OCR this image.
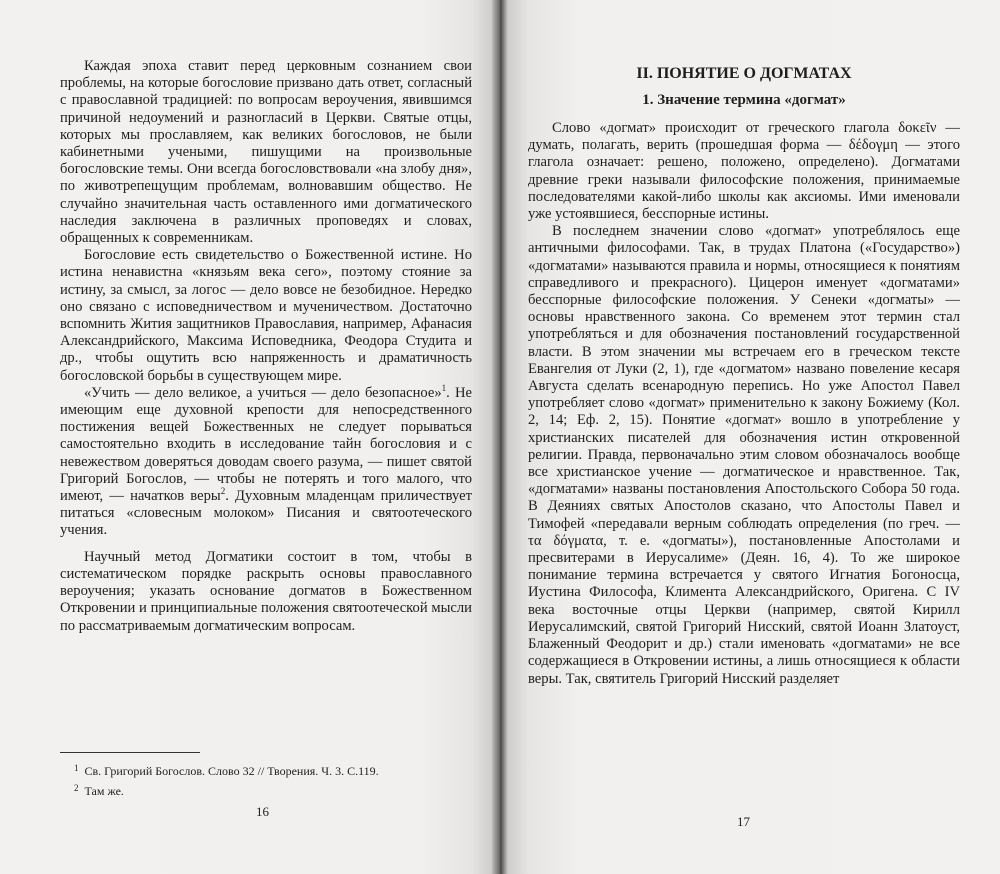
Каждая эпоха ставит перед церковным сознанием свои проблемы, на которые богословие призвано дать ответ, согласный с православной традицией: по вопросам вероучения, явившимся причиной недоумений и разногласий в Церкви. Святые отцы, которых мы прославляем, как великих богословов, не были кабинетными учеными, пишущими на произвольные богословские темы. Они всегда богословствовали «на злобу дня», по животрепещущим проблемам, волновавшим общество. Не случайно значительная часть оставленного ими догматического наследия заключена в различных проповедях и словах, обращенных к современникам.

Богословие есть свидетельство о Божественной истине. Но истина ненавистна «князьям века сего», поэтому стояние за истину, за смысл, за логос — дело вовсе не безобидное. Нередко оно связано с исповедничеством и мученичеством. Достаточно вспомнить Жития защитников Православия, например, Афанасия Александрийского, Максима Исповедника, Феодора Студита и др., чтобы ощутить всю напряженность и драматичность богословской борьбы в существующем мире.

«Учить — дело великое, а учиться — дело безопасное»$^1$. Не имеющим еще духовной крепости для непосредственного постижения вещей Божественных не следует порываться самостоятельно входить в исследование тайн богословия и с невежеством доверяться доводам своего разума, — пишет святой Григорий Богослов, — чтобы не потерять и того малого, что имеют, — начатков веры$^2$. Духовным младенцам приличествует питаться «словесным молоком» Писания и святоотеческого учения.

Научный метод Догматики состоит в том, чтобы в систематическом порядке раскрыть основы православного вероучения; указать основание догматов в Божественном Откровении и принципиальные положения святоотеческой мысли по рассматриваемым догматическим вопросам.

$^1$ Св. Григорий Богослов. Слово 32 // Творения. Ч. 3. С.119.
$^2$ Там же.
16
II. ПОНЯТИЕ О ДОГМАТАХ
1. Значение термина «догмат»

Слово «догмат» происходит от греческого глагола δοκεῖν — думать, полагать, верить (прошедшая форма — δέδογμη — этого глагола означает: решено, положено, определено). Догматами древние греки называли философские положения, принимаемые последователями какой-либо школы как аксиомы. Ими именовали уже устоявшиеся, бесспорные истины.

В последнем значении слово «догмат» употреблялось еще античными философами. Так, в трудах Платона («Государство») «догматами» называются правила и нормы, относящиеся к понятиям справедливого и прекрасного). Цицерон именует «догматами» бесспорные философские положения. У Сенеки «догматы» — основы нравственного закона. Со временем этот термин стал употребляться и для обозначения постановлений государственной власти. В этом значении мы встречаем его в греческом тексте Евангелия от Луки (2, 1), где «догматом» названо повеление кесаря Августа сделать всенародную перепись. Но уже Апостол Павел употребляет слово «догмат» применительно к закону Божиему (Кол. 2, 14; Еф. 2, 15). Понятие «догмат» вошло в употребление у христианских писателей для обозначения истин откровенной религии. Правда, первоначально этим словом обозначалось вообще все христианское учение — догматическое и нравственное. Так, «догматами» названы постановления Апостольского Собора 50 года. В Деяниях святых Апостолов сказано, что Апостолы Павел и Тимофей «передавали верным соблюдать определения (по греч. — τα δόγματα, т. е. «догматы»), постановленные Апостолами и пресвитерами в Иерусалиме» (Деян. 16, 4). То же широкое понимание термина встречается у святого Игнатия Богоносца, Иустина Философа, Климента Александрийского, Оригена. С IV века восточные отцы Церкви (например, святой Кирилл Иерусалимский, святой Григорий Нисский, святой Иоанн Златоуст, Блаженный Феодорит и др.) стали именовать «догматами» не все содержащиеся в Откровении истины, а лишь относящиеся к области веры. Так, святитель Григорий Нисский разделяет

17
